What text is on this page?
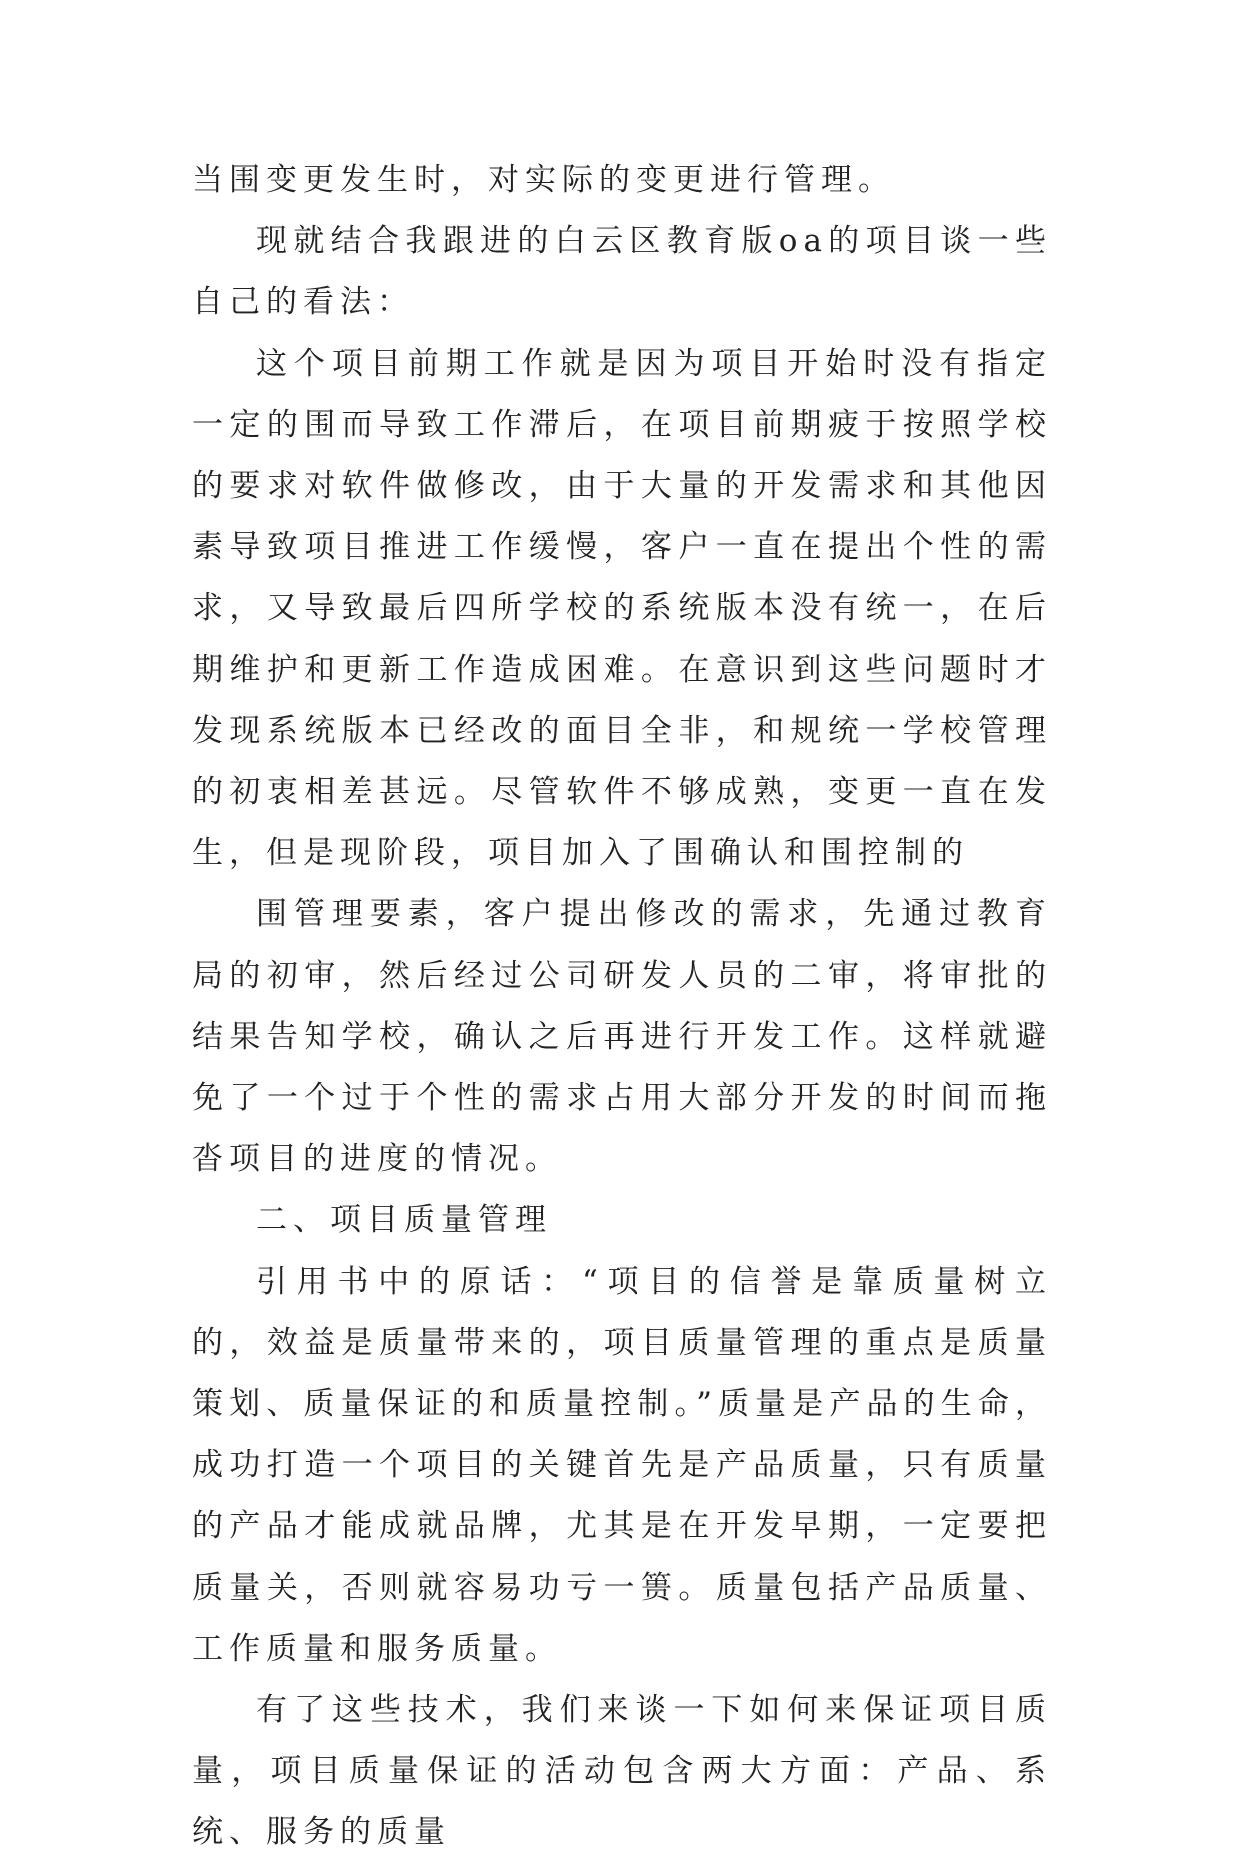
当围变更发生时，对实际的变更进行管理。

现就结合我跟进的白云区教育版oa的项目谈一些自己的看法：

这个项目前期工作就是因为项目开始时没有指定一定的围而导致工作滞后，在项目前期疲于按照学校的要求对软件做修改，由于大量的开发需求和其他因素导致项目推进工作缓慢，客户一直在提出个性的需求，又导致最后四所学校的系统版本没有统一，在后期维护和更新工作造成困难。在意识到这些问题时才发现系统版本已经改的面目全非，和规统一学校管理的初衷相差甚远。尽管软件不够成熟，变更一直在发生，但是现阶段，项目加入了围确认和围控制的

围管理要素，客户提出修改的需求，先通过教育局的初审，然后经过公司研发人员的二审，将审批的结果告知学校，确认之后再进行开发工作。这样就避免了一个过于个性的需求占用大部分开发的时间而拖沓项目的进度的情况。

二、项目质量管理

引用书中的原话：“项目的信誉是靠质量树立的，效益是质量带来的，项目质量管理的重点是质量策划、质量保证的和质量控制。”质量是产品的生命，成功打造一个项目的关键首先是产品质量，只有质量的产品才能成就品牌，尤其是在开发早期，一定要把质量关，否则就容易功亏一篑。质量包括产品质量、工作质量和服务质量。

有了这些技术，我们来谈一下如何来保证项目质量，项目质量保证的活动包含两大方面：产品、系统、服务的质量
